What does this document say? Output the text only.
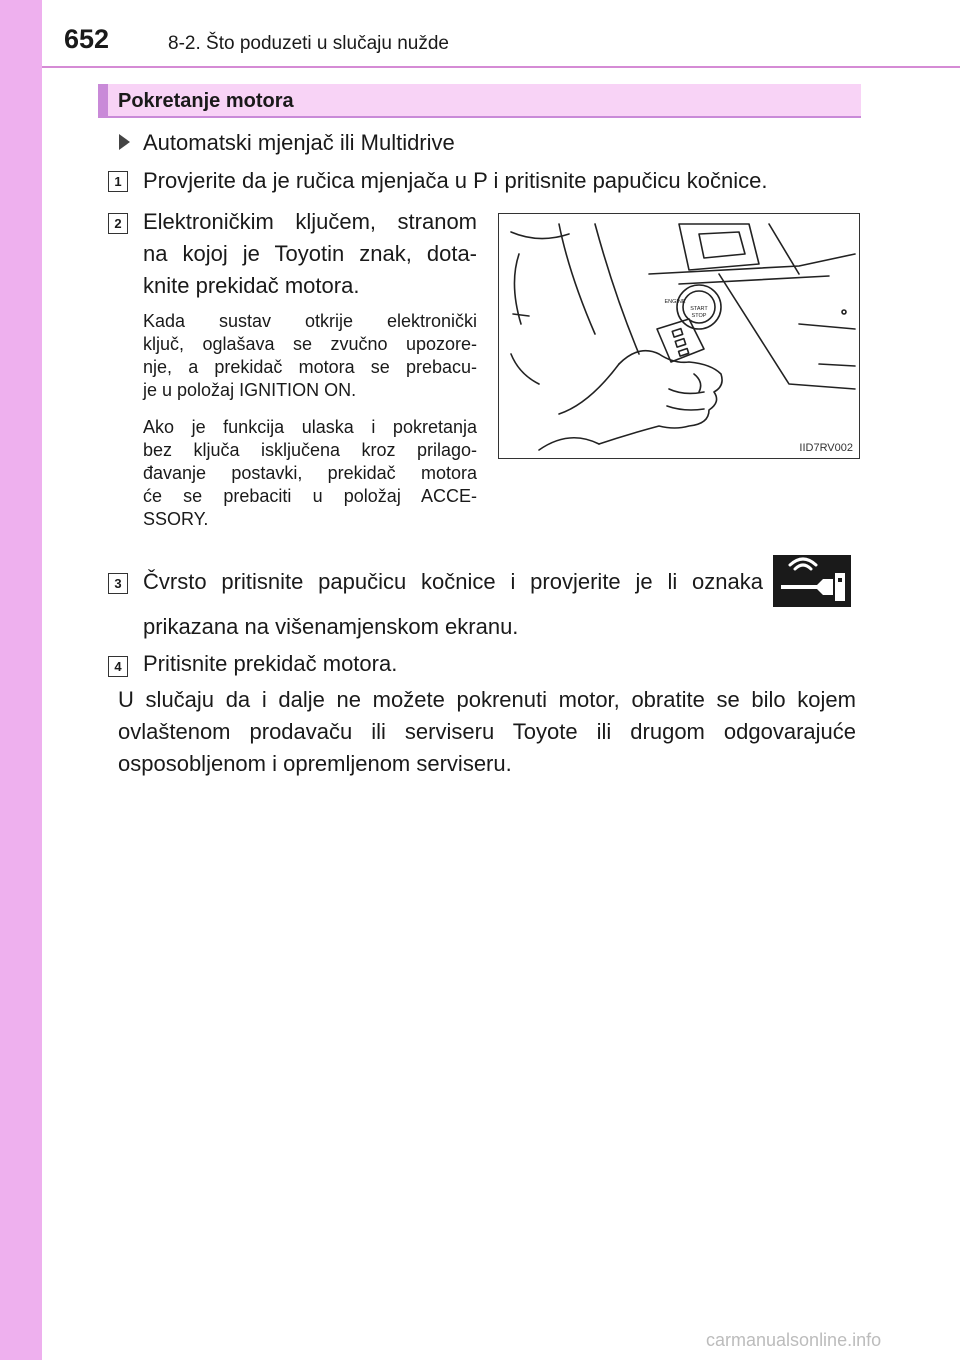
652	8-2. Što poduzeti u slučaju nužde
Pokretanje motora
Automatski mjenjač ili Multidrive
1 Provjerite da je ručica mjenjača u P i pritisnite papučicu kočnice.
2 Elektroničkim ključem, stranom
na kojoj je Toyotin znak, dota-
knite prekidač motora.
Kada sustav otkrije elektronički
ključ, oglašava se zvučno upozore-
nje, a prekidač motora se prebacu-
je u položaj IGNITION ON.
Ako je funkcija ulaska i pokretanja
bez ključa isključena kroz prilago-
đavanje postavki, prekidač motora
će se prebaciti u položaj ACCE-
SSORY.
ENGINE
START
STOP
IID7RV002
3 Čvrsto pritisnite papučicu kočnice i provjerite je li oznaka
prikazana na višenamjenskom ekranu.
4 Pritisnite prekidač motora.
U slučaju da i dalje ne možete pokrenuti motor, obratite se bilo kojem ovlaštenom prodavaču ili serviseru Toyote ili drugom odgovarajuće osposobljenom i opremljenom serviseru.
carmanualsonline.info
